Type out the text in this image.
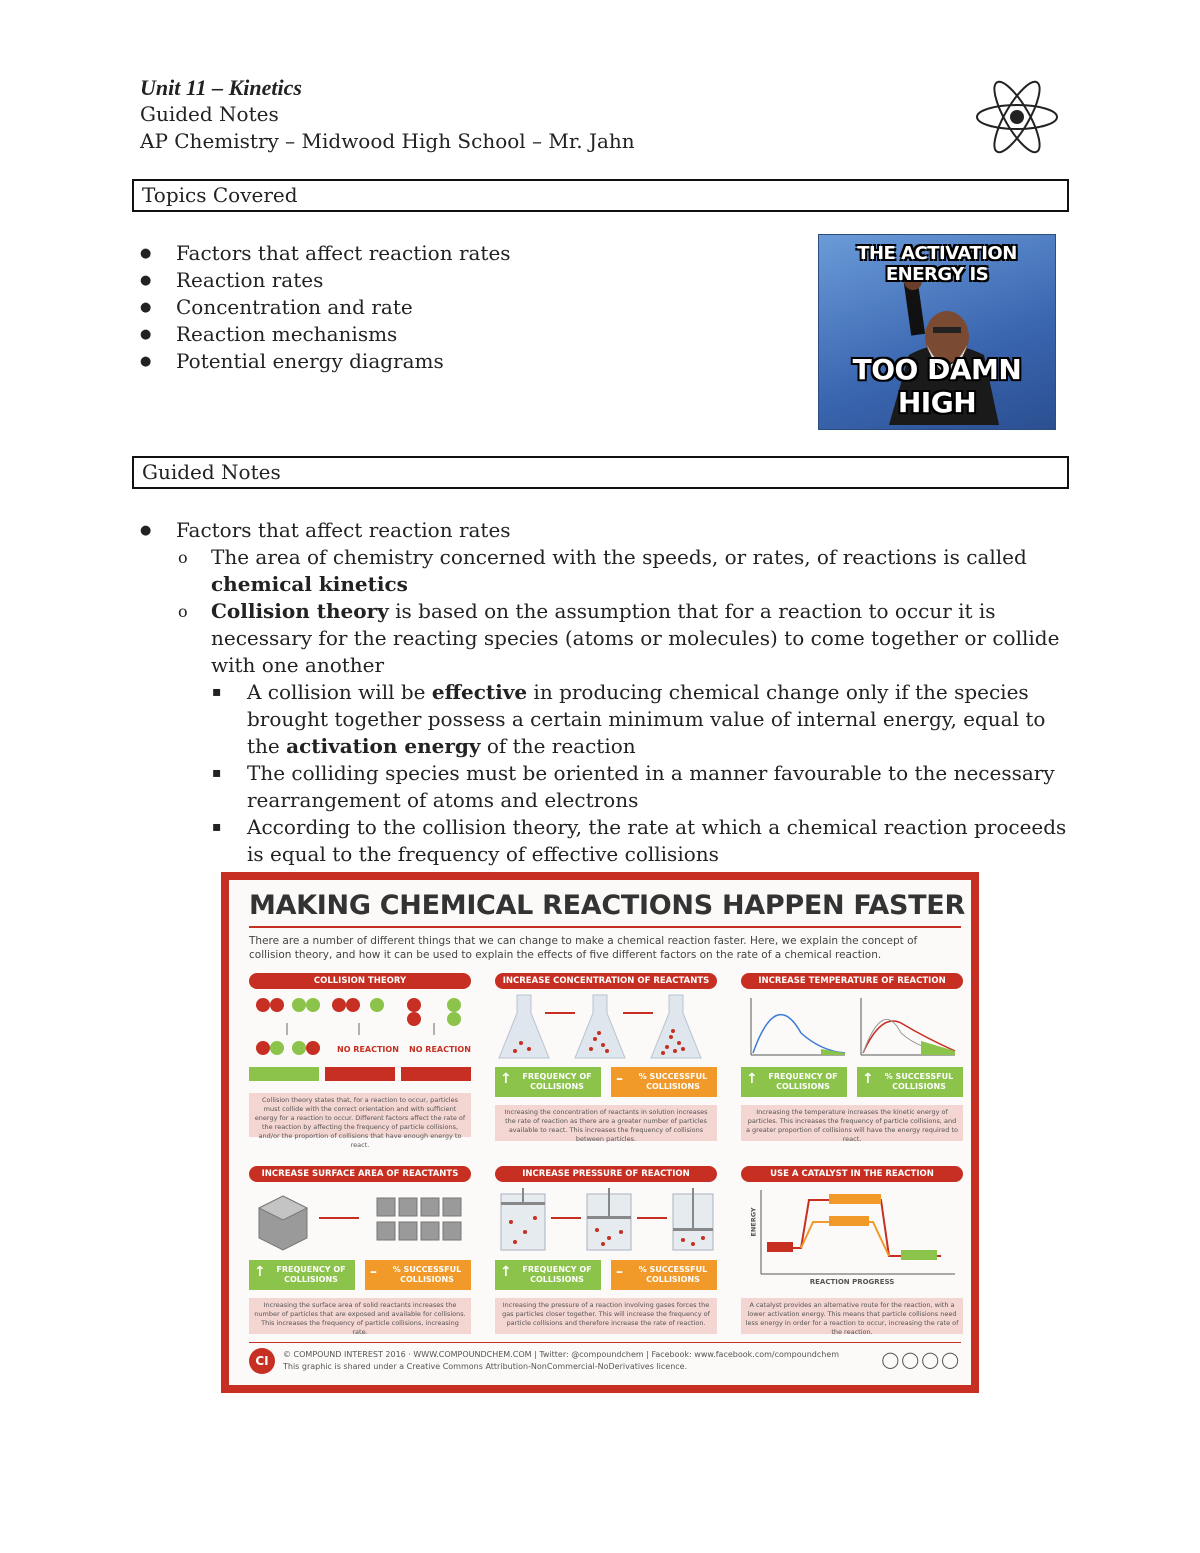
Unit 11 – Kinetics
Guided Notes
AP Chemistry – Midwood High School – Mr. Jahn
Topics Covered
● Factors that affect reaction rates
● Reaction rates
● Concentration and rate
● Reaction mechanisms
● Potential energy diagrams
THE ACTIVATION ENERGY IS
TOO DAMN HIGH
Guided Notes
● Factors that affect reaction rates
o The area of chemistry concerned with the speeds, or rates, of reactions is called chemical kinetics
o Collision theory is based on the assumption that for a reaction to occur it is necessary for the reacting species (atoms or molecules) to come together or collide with one another
▪ A collision will be effective in producing chemical change only if the species brought together possess a certain minimum value of internal energy, equal to the activation energy of the reaction
▪ The colliding species must be oriented in a manner favourable to the necessary rearrangement of atoms and electrons
▪ According to the collision theory, the rate at which a chemical reaction proceeds is equal to the frequency of effective collisions
MAKING CHEMICAL REACTIONS HAPPEN FASTER
There are a number of different things that we can change to make a chemical reaction faster. Here, we explain the concept of collision theory, and how it can be used to explain the effects of five different factors on the rate of a chemical reaction.
COLLISION THEORY
NO REACTION NO REACTION
Collision theory states that, for a reaction to occur, particles must collide with the correct orientation and with sufficient energy for a reaction to occur. Different factors affect the rate of the reaction by affecting the frequency of particle collisions, and/or the proportion of collisions that have enough energy to react.
INCREASE CONCENTRATION OF REACTANTS
↑	FREQUENCY OF COLLISIONS	–	% SUCCESSFUL COLLISIONS
Increasing the concentration of reactants in solution increases the rate of reaction as there are a greater number of particles available to react. This increases the frequency of collisions between particles.
INCREASE TEMPERATURE OF REACTION
↑	FREQUENCY OF COLLISIONS	↑	% SUCCESSFUL COLLISIONS
Increasing the temperature increases the kinetic energy of particles. This increases the frequency of particle collisions, and a greater proportion of collisions will have the energy required to react.
INCREASE SURFACE AREA OF REACTANTS
↑	FREQUENCY OF COLLISIONS	–	% SUCCESSFUL COLLISIONS
Increasing the surface area of solid reactants increases the number of particles that are exposed and available for collisions. This increases the frequency of particle collisions, increasing rate.
INCREASE PRESSURE OF REACTION
↑	FREQUENCY OF COLLISIONS	–	% SUCCESSFUL COLLISIONS
Increasing the pressure of a reaction involving gases forces the gas particles closer together. This will increase the frequency of particle collisions and therefore increase the rate of reaction.
USE A CATALYST IN THE REACTION
ENERGY
REACTION PROGRESS
A catalyst provides an alternative route for the reaction, with a lower activation energy. This means that particle collisions need less energy in order for a reaction to occur, increasing the rate of the reaction.
CI	© COMPOUND INTEREST 2016 · WWW.COMPOUNDCHEM.COM | Twitter: @compoundchem | Facebook: www.facebook.com/compoundchem
This graphic is shared under a Creative Commons Attribution-NonCommercial-NoDerivatives licence.	◯◯◯◯
